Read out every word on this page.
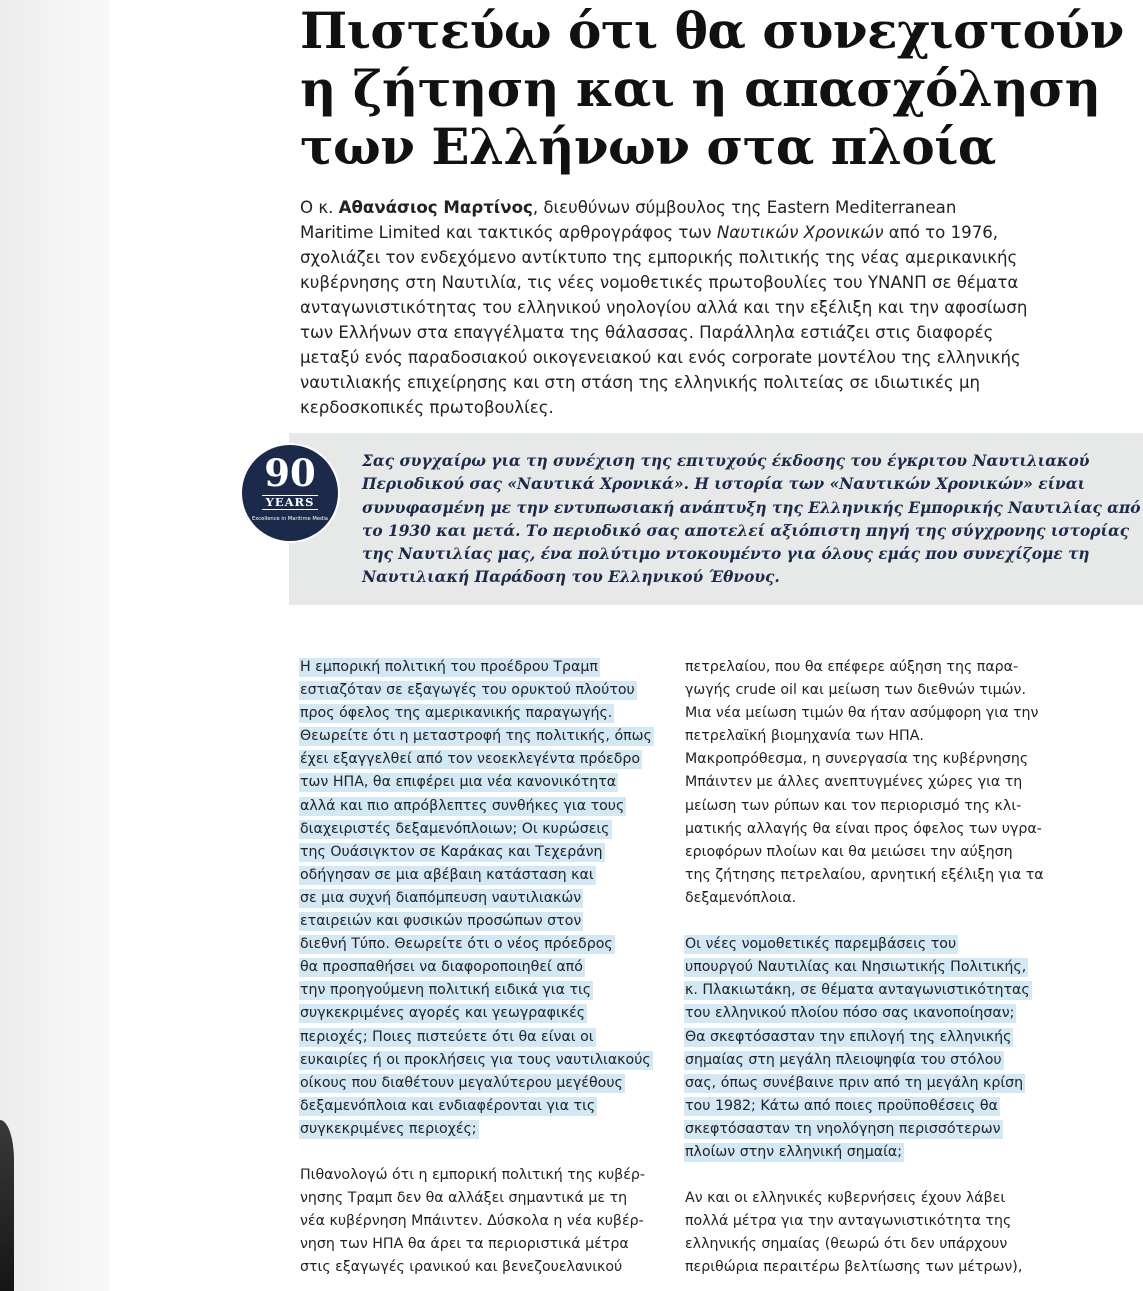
Πιστεύω ότι θα συνεχιστούν
η ζήτηση και η απασχόληση
των Ελλήνων στα πλοία
Ο κ. Αθανάσιος Μαρτίνος, διευθύνων σύμβουλος της Eastern Mediterranean
Maritime Limited και τακτικός αρθρογράφος των Ναυτικών Χρονικών από το 1976,
σχολιάζει τον ενδεχόμενο αντίκτυπο της εμπορικής πολιτικής της νέας αμερικανικής
κυβέρνησης στη Ναυτιλία, τις νέες νομοθετικές πρωτοβουλίες του ΥΝΑΝΠ σε θέματα
ανταγωνιστικότητας του ελληνικού νηολογίου αλλά και την εξέλιξη και την αφοσίωση
των Ελλήνων στα επαγγέλματα της θάλασσας. Παράλληλα εστιάζει στις διαφορές
μεταξύ ενός παραδοσιακού οικογενειακού και ενός corporate μοντέλου της ελληνικής
ναυτιλιακής επιχείρησης και στη στάση της ελληνικής πολιτείας σε ιδιωτικές μη
κερδοσκοπικές πρωτοβουλίες.
90
YEARS
Excellence in Maritime Media
Σας συγχαίρω για τη συνέχιση της επιτυχούς έκδοσης του έγκριτου Ναυτιλιακού
Περιοδικού σας «Ναυτικά Χρονικά». Η ιστορία των «Ναυτικών Χρονικών» είναι
συνυφασμένη με την εντυπωσιακή ανάπτυξη της Ελληνικής Εμπορικής Ναυτιλίας από
το 1930 και μετά. Το περιοδικό σας αποτελεί αξιόπιστη πηγή της σύγχρονης ιστορίας
της Ναυτιλίας μας, ένα πολύτιμο ντοκουμέντο για όλους εμάς που συνεχίζομε τη
Ναυτιλιακή Παράδοση του Ελληνικού Έθνους.

Η εμπορική πολιτική του προέδρου Τραμπ
εστιαζόταν σε εξαγωγές του ορυκτού πλούτου
προς όφελος της αμερικανικής παραγωγής.
Θεωρείτε ότι η μεταστροφή της πολιτικής, όπως
έχει εξαγγελθεί από τον νεοεκλεγέντα πρόεδρο
των ΗΠΑ, θα επιφέρει μια νέα κανονικότητα
αλλά και πιο απρόβλεπτες συνθήκες για τους
διαχειριστές δεξαμενόπλοιων; Οι κυρώσεις
της Ουάσιγκτον σε Καράκας και Τεχεράνη
οδήγησαν σε μια αβέβαιη κατάσταση και
σε μια συχνή διαπόμπευση ναυτιλιακών
εταιρειών και φυσικών προσώπων στον
διεθνή Τύπο. Θεωρείτε ότι ο νέος πρόεδρος
θα προσπαθήσει να διαφοροποιηθεί από
την προηγούμενη πολιτική ειδικά για τις
συγκεκριμένες αγορές και γεωγραφικές
περιοχές; Ποιες πιστεύετε ότι θα είναι οι
ευκαιρίες ή οι προκλήσεις για τους ναυτιλιακούς
οίκους που διαθέτουν μεγαλύτερου μεγέθους
δεξαμενόπλοια και ενδιαφέρονται για τις
συγκεκριμένες περιοχές;

Πιθανολογώ ότι η εμπορική πολιτική της κυβέρ-
νησης Τραμπ δεν θα αλλάξει σημαντικά με τη
νέα κυβέρνηση Μπάιντεν. Δύσκολα η νέα κυβέρ-
νηση των ΗΠΑ θα άρει τα περιοριστικά μέτρα
στις εξαγωγές ιρανικού και βενεζουελανικού

πετρελαίου, που θα επέφερε αύξηση της παρα-
γωγής crude oil και μείωση των διεθνών τιμών.
Μια νέα μείωση τιμών θα ήταν ασύμφορη για την
πετρελαϊκή βιομηχανία των ΗΠΑ.
Μακροπρόθεσμα, η συνεργασία της κυβέρνησης
Μπάιντεν με άλλες ανεπτυγμένες χώρες για τη
μείωση των ρύπων και τον περιορισμό της κλι-
ματικής αλλαγής θα είναι προς όφελος των υγρα-
εριοφόρων πλοίων και θα μειώσει την αύξηση
της ζήτησης πετρελαίου, αρνητική εξέλιξη για τα
δεξαμενόπλοια.

Οι νέες νομοθετικές παρεμβάσεις του
υπουργού Ναυτιλίας και Νησιωτικής Πολιτικής,
κ. Πλακιωτάκη, σε θέματα ανταγωνιστικότητας
του ελληνικού πλοίου πόσο σας ικανοποίησαν;
Θα σκεφτόσασταν την επιλογή της ελληνικής
σημαίας στη μεγάλη πλειοψηφία του στόλου
σας, όπως συνέβαινε πριν από τη μεγάλη κρίση
του 1982; Κάτω από ποιες προϋποθέσεις θα
σκεφτόσασταν τη νηολόγηση περισσότερων
πλοίων στην ελληνική σημαία;

Αν και οι ελληνικές κυβερνήσεις έχουν λάβει
πολλά μέτρα για την ανταγωνιστικότητα της
ελληνικής σημαίας (θεωρώ ότι δεν υπάρχουν
περιθώρια περαιτέρω βελτίωσης των μέτρων),
